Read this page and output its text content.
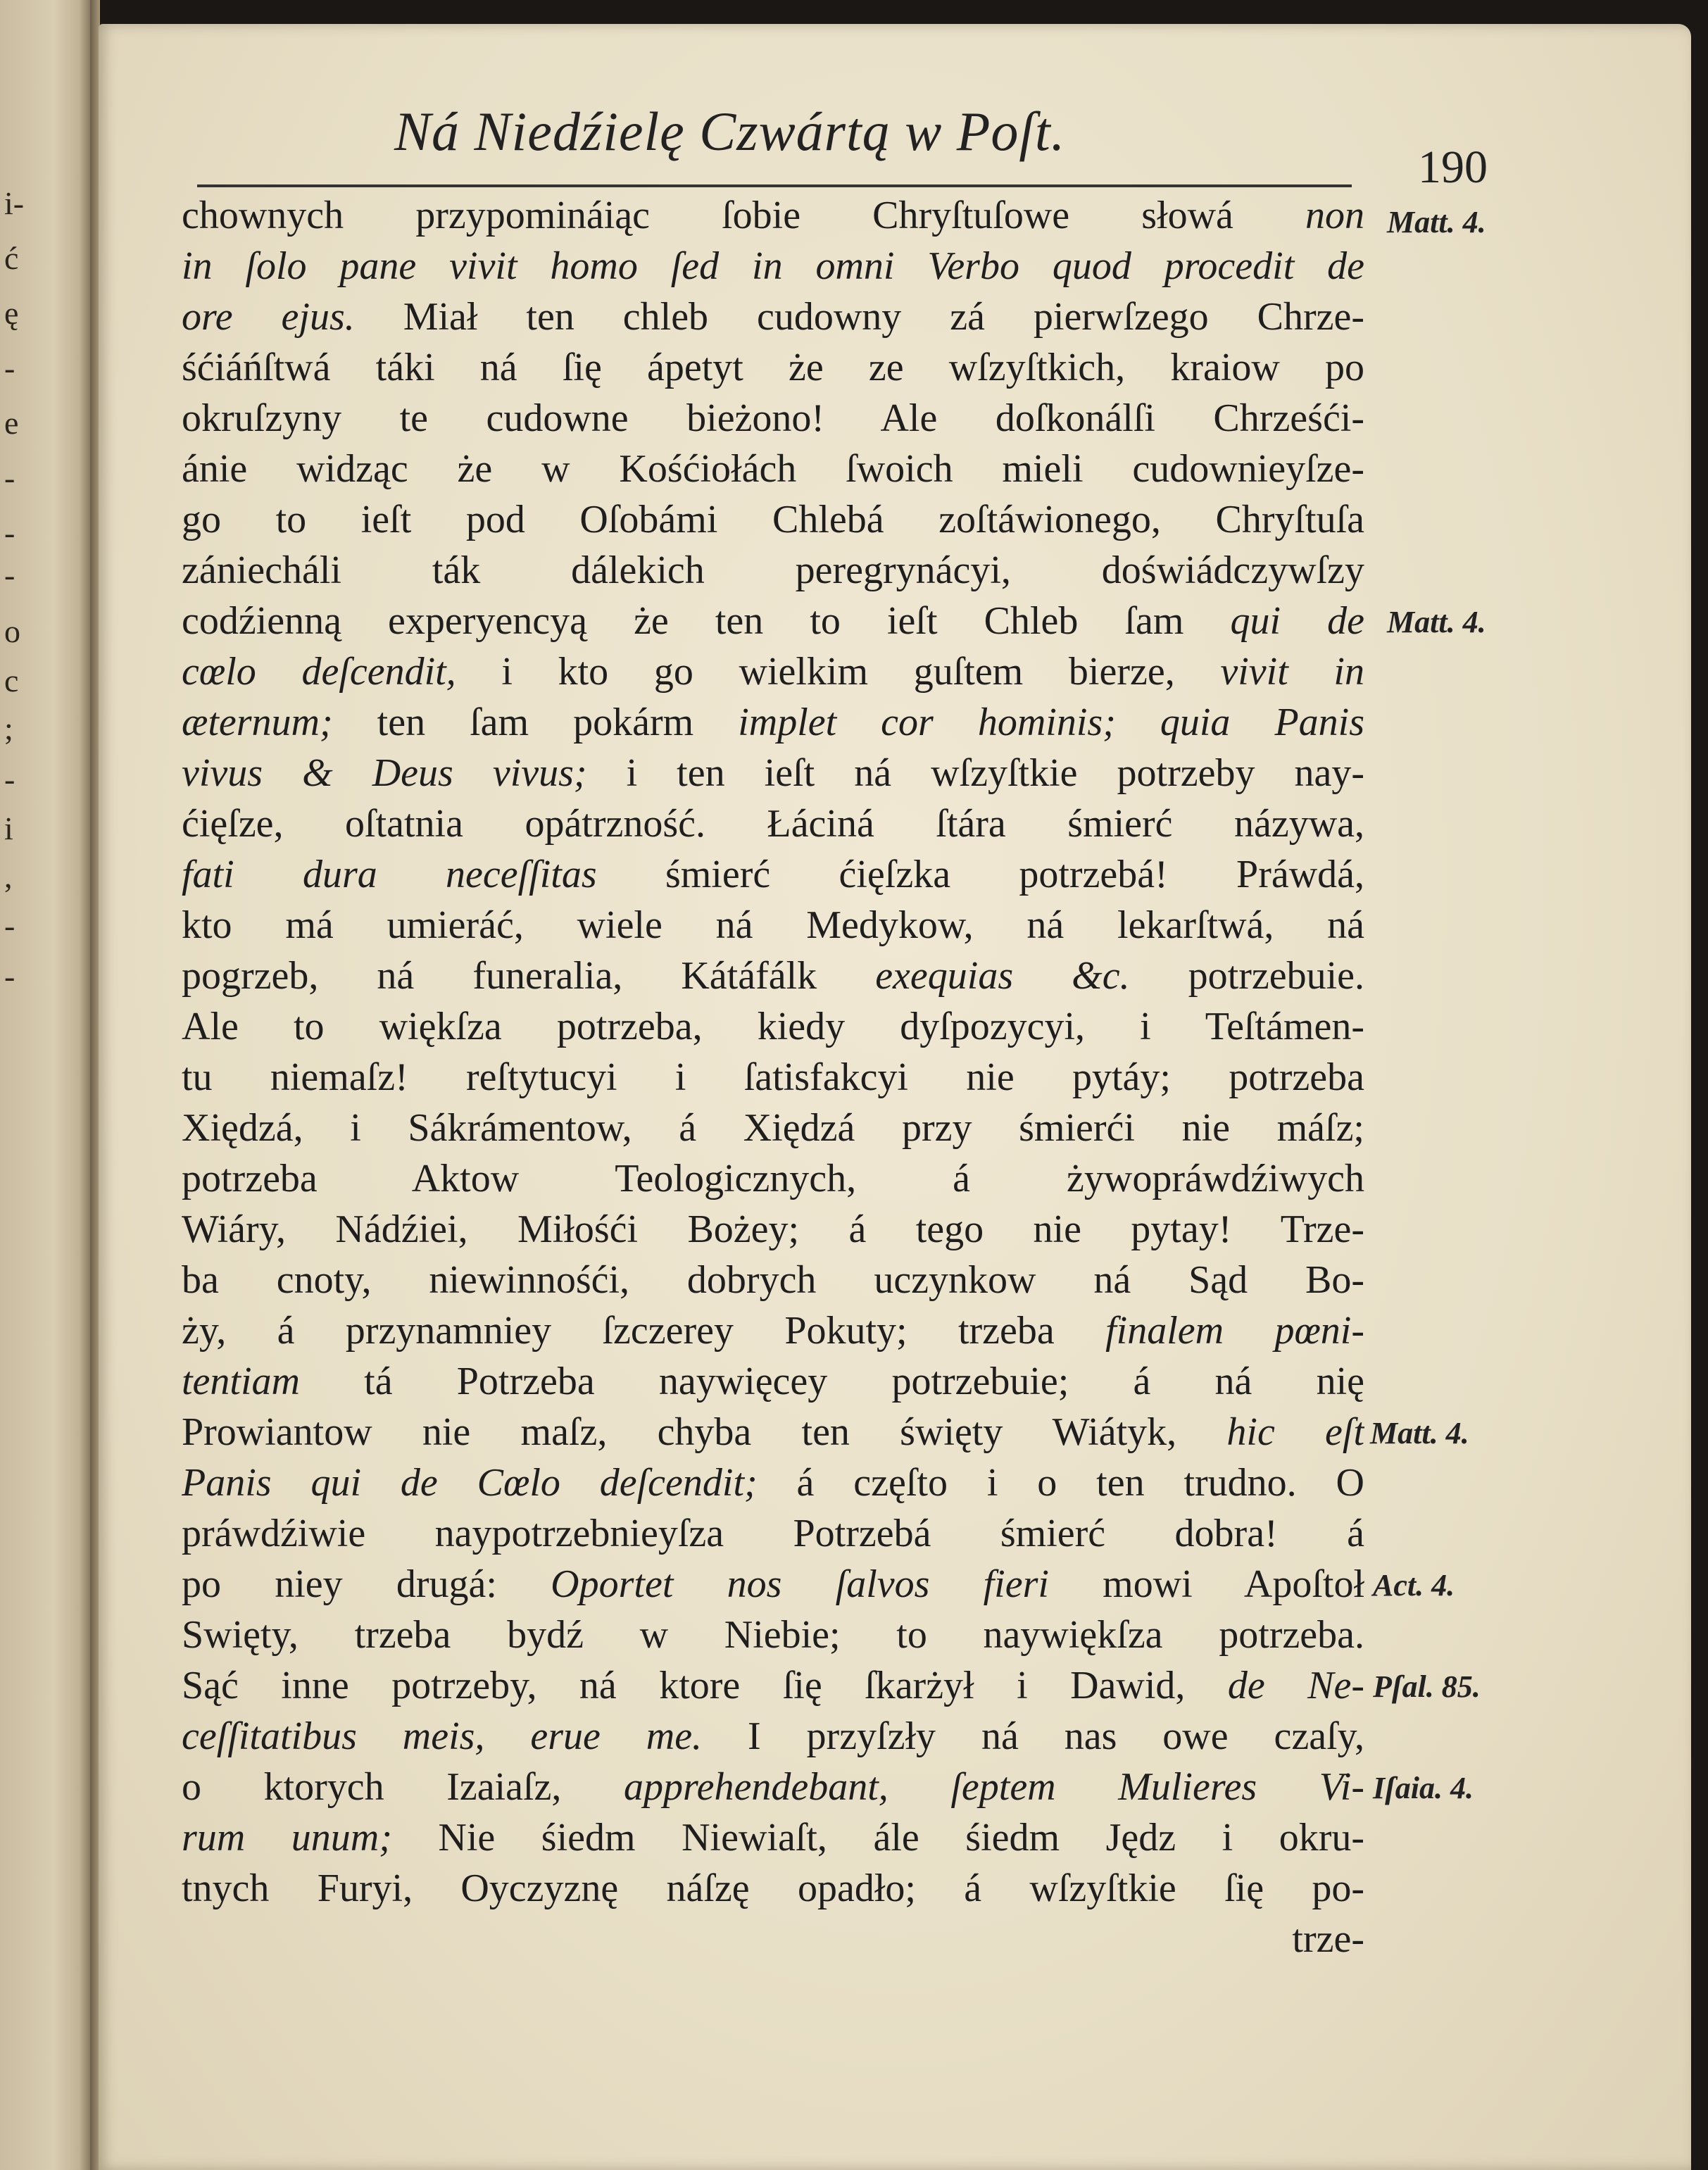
i-
ć
ę
-
e
-
-
-
o
c
;
-
i
,
-
-
Ná Niedźielę Czwártą w Poſt.
190
chownych przypomináiąc ſobie Chryſtuſowe słowá non
in ſolo pane vivit homo ſed in omni Verbo quod procedit de
ore ejus. Miał ten chleb cudowny zá pierwſzego Chrze-
śćiáńſtwá táki ná ſię ápetyt że ze wſzyſtkich, kraiow po
okruſzyny te cudowne bieżono! Ale doſkonálſi Chrześći-
ánie widząc że w Kośćiołách ſwoich mieli cudownieyſze-
go to ieſt pod Oſobámi Chlebá zoſtáwionego, Chryſtuſa
zániecháli ták dálekich peregrynácyi, doświádczywſzy
codźienną experyencyą że ten to ieſt Chleb ſam qui de
cœlo deſcendit, i kto go wielkim guſtem bierze, vivit in
æternum; ten ſam pokárm implet cor hominis; quia Panis
vivus & Deus vivus; i ten ieſt ná wſzyſtkie potrzeby nay-
ćięſze, oſtatnia opátrzność. Łáciná ſtára śmierć názywa,
fati dura neceſſitas śmierć ćięſzka potrzebá! Práwdá,
kto má umieráć, wiele ná Medykow, ná lekarſtwá, ná
pogrzeb, ná funeralia, Kátáfálk exequias &c. potrzebuie.
Ale to więkſza potrzeba, kiedy dyſpozycyi, i Teſtámen-
tu niemaſz! reſtytucyi i ſatisfakcyi nie pytáy; potrzeba
Xiędzá, i Sákrámentow, á Xiędzá przy śmierći nie máſz;
potrzeba Aktow Teologicznych, á żywopráwdźiwych
Wiáry, Nádźiei, Miłośći Bożey; á tego nie pytay! Trze-
ba cnoty, niewinnośći, dobrych uczynkow ná Sąd Bo-
ży, á przynamniey ſzczerey Pokuty; trzeba finalem pœni-
tentiam tá Potrzeba naywięcey potrzebuie; á ná nię
Prowiantow nie maſz, chyba ten święty Wiátyk, hic eſt
Panis qui de Cœlo deſcendit; á częſto i o ten trudno. O
práwdźiwie naypotrzebnieyſza Potrzebá śmierć dobra! á
po niey drugá: Oportet nos ſalvos fieri mowi Apoſtoł
Swięty, trzeba bydź w Niebie; to naywiękſza potrzeba.
Sąć inne potrzeby, ná ktore ſię ſkarżył i Dawid, de Ne-
ceſſitatibus meis, erue me. I przyſzły ná nas owe czaſy,
o ktorych Izaiaſz, apprehendebant, ſeptem Mulieres Vi-
rum unum; Nie śiedm Niewiaſt, ále śiedm Jędz i okru-
tnych Furyi, Oyczyznę náſzę opadło; á wſzyſtkie ſię po-
trze-
Matt. 4.
Matt. 4.
Matt. 4.
Act. 4.
Pſal. 85.
Iſaia. 4.
